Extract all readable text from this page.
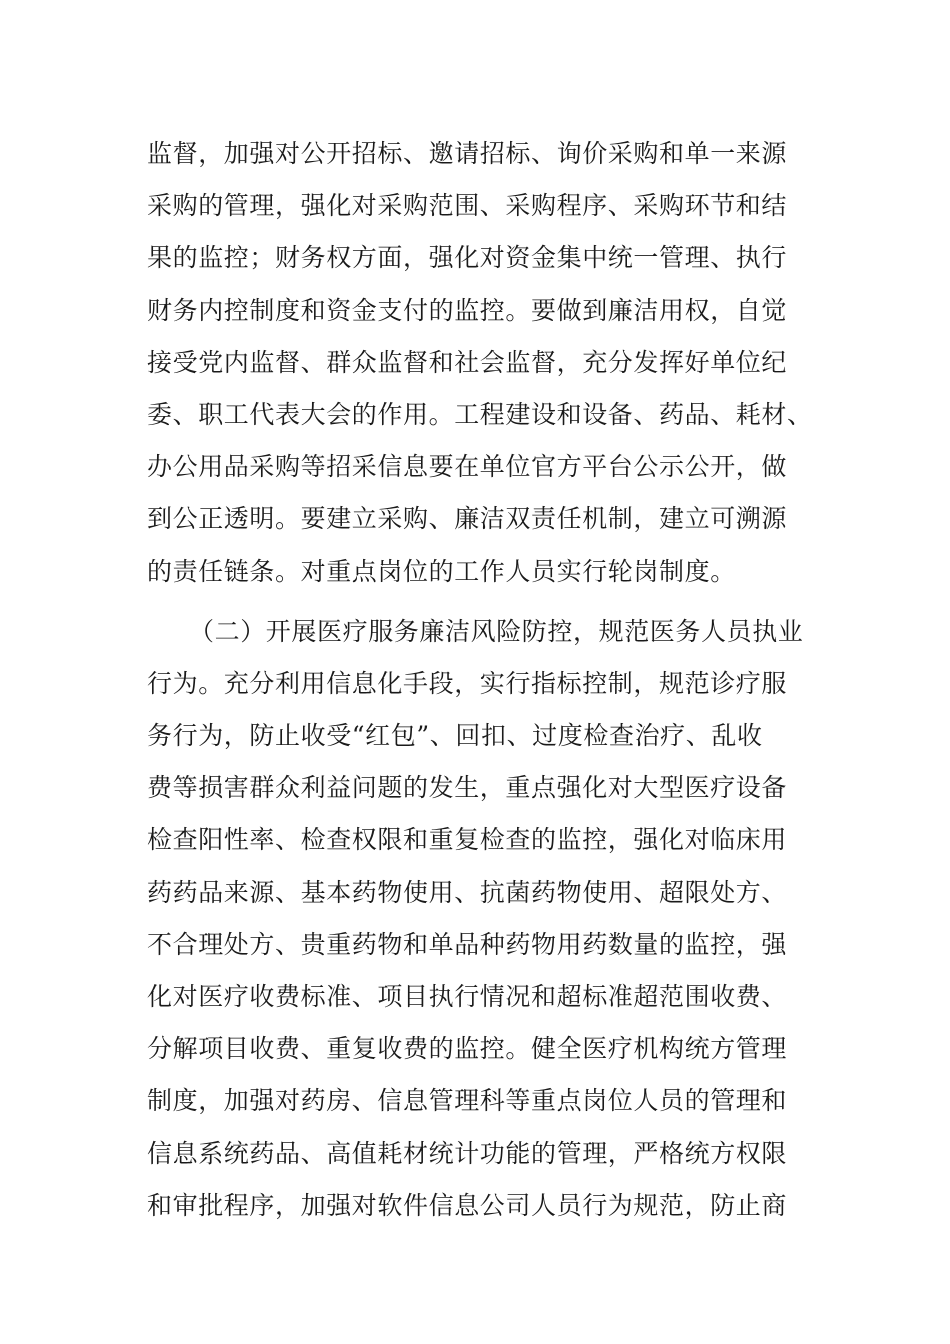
监督，加强对公开招标、邀请招标、询价采购和单一来源
采购的管理，强化对采购范围、采购程序、采购环节和结
果的监控；财务权方面，强化对资金集中统一管理、执行
财务内控制度和资金支付的监控。要做到廉洁用权，自觉
接受党内监督、群众监督和社会监督，充分发挥好单位纪
委、职工代表大会的作用。工程建设和设备、药品、耗材、
办公用品采购等招采信息要在单位官方平台公示公开，做
到公正透明。要建立采购、廉洁双责任机制，建立可溯源
的责任链条。对重点岗位的工作人员实行轮岗制度。
（二）开展医疗服务廉洁风险防控，规范医务人员执业
行为。充分利用信息化手段，实行指标控制，规范诊疗服
务行为，防止收受“红包”、回扣、过度检查治疗、乱收
费等损害群众利益问题的发生，重点强化对大型医疗设备
检查阳性率、检查权限和重复检查的监控，强化对临床用
药药品来源、基本药物使用、抗菌药物使用、超限处方、
不合理处方、贵重药物和单品种药物用药数量的监控，强
化对医疗收费标准、项目执行情况和超标准超范围收费、
分解项目收费、重复收费的监控。健全医疗机构统方管理
制度，加强对药房、信息管理科等重点岗位人员的管理和
信息系统药品、高值耗材统计功能的管理，严格统方权限
和审批程序，加强对软件信息公司人员行为规范，防止商
